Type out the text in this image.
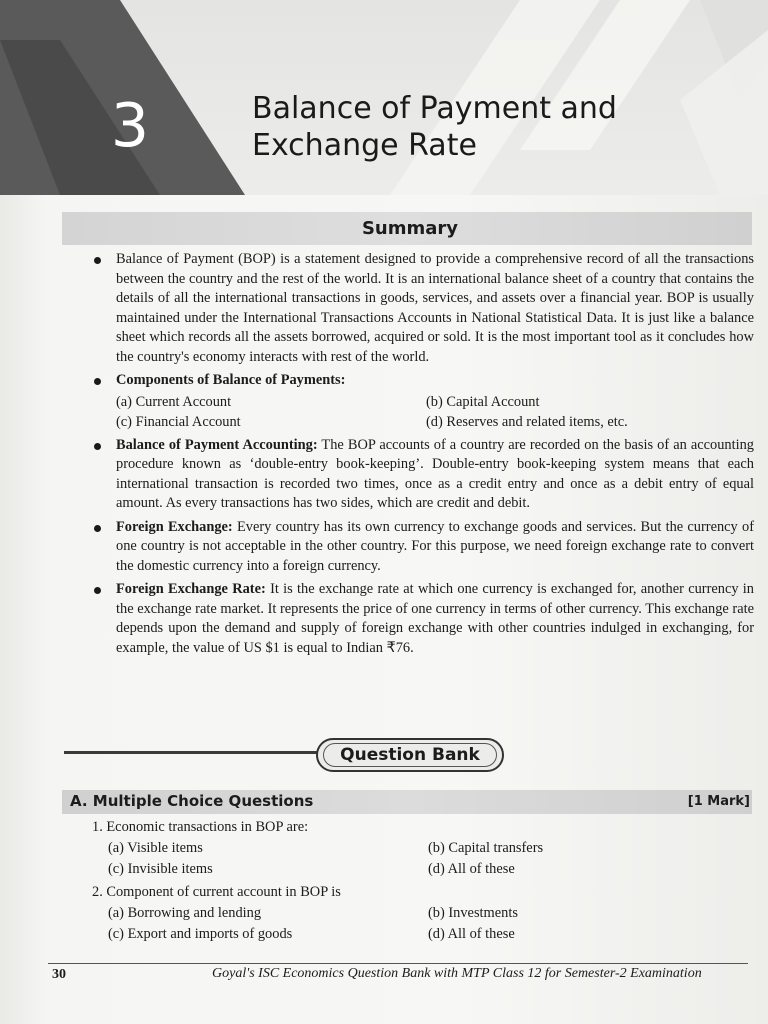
3	Balance of Payment and
Exchange Rate
Summary
Balance of Payment (BOP) is a statement designed to provide a comprehensive record of all the transactions between the country and the rest of the world. It is an international balance sheet of a country that contains the details of all the international transactions in goods, services, and assets over a financial year. BOP is usually maintained under the International Transactions Accounts in National Statistical Data. It is just like a balance sheet which records all the assets borrowed, acquired or sold. It is the most important tool as it concludes how the country's economy interacts with rest of the world.
Components of Balance of Payments:
(a) Current Account	(b) Capital Account
(c) Financial Account	(d) Reserves and related items, etc.
Balance of Payment Accounting: The BOP accounts of a country are recorded on the basis of an accounting procedure known as ‘double-entry book-keeping’. Double-entry book-keeping system means that each international transaction is recorded two times, once as a credit entry and once as a debit entry of equal amount. As every transactions has two sides, which are credit and debit.
Foreign Exchange: Every country has its own currency to exchange goods and services. But the currency of one country is not acceptable in the other country. For this purpose, we need foreign exchange rate to convert the domestic currency into a foreign currency.
Foreign Exchange Rate: It is the exchange rate at which one currency is exchanged for, another currency in the exchange rate market. It represents the price of one currency in terms of other currency. This exchange rate depends upon the demand and supply of foreign exchange with other countries indulged in exchanging, for example, the value of US $1 is equal to Indian ₹76.
Question Bank
A. Multiple Choice Questions	[1 Mark]
1. Economic transactions in BOP are:
(a) Visible items	(b) Capital transfers
(c) Invisible items	(d) All of these
2. Component of current account in BOP is
(a) Borrowing and lending	(b) Investments
(c) Export and imports of goods	(d) All of these
30	Goyal's ISC Economics Question Bank with MTP Class 12 for Semester-2 Examination
